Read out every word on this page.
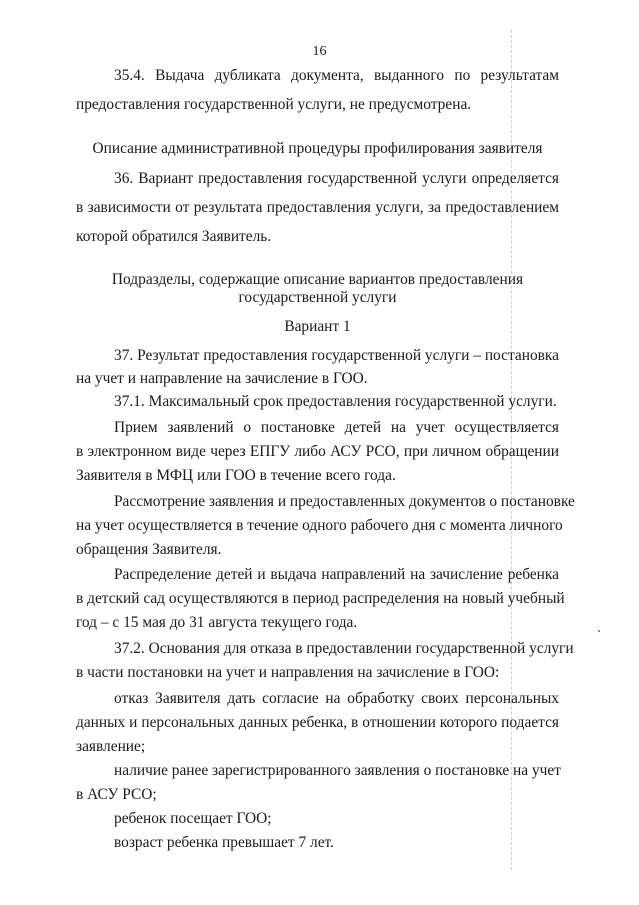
16
35.4. Выдача дубликата документа, выданного по результатам
предоставления государственной услуги, не предусмотрена.
Описание административной процедуры профилирования заявителя
36. Вариант предоставления государственной услуги определяется
в зависимости от результата предоставления услуги, за предоставлением
которой обратился Заявитель.
Подразделы, содержащие описание вариантов предоставления
государственной услуги
Вариант 1
37. Результат предоставления государственной услуги – постановка
на учет и направление на зачисление в ГОО.
37.1. Максимальный срок предоставления государственной услуги.
Прием заявлений о постановке детей на учет осуществляется
в электронном виде через ЕПГУ либо АСУ РСО, при личном обращении
Заявителя в МФЦ или ГОО в течение всего года.
Рассмотрение заявления и предоставленных документов о постановке
на учет осуществляется в течение одного рабочего дня с момента личного
обращения Заявителя.
Распределение детей и выдача направлений на зачисление ребенка
в детский сад осуществляются в период распределения на новый учебный
год – с 15 мая до 31 августа текущего года.
37.2. Основания для отказа в предоставлении государственной услуги
в части постановки на учет и направления на зачисление в ГОО:
отказ Заявителя дать согласие на обработку своих персональных
данных и персональных данных ребенка, в отношении которого подается
заявление;
наличие ранее зарегистрированного заявления о постановке на учет
в АСУ РСО;
ребенок посещает ГОО;
возраст ребенка превышает 7 лет.
